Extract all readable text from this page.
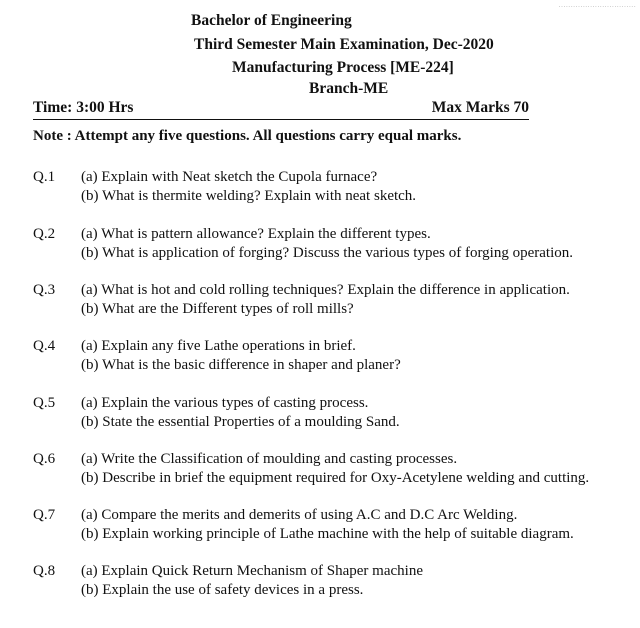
................................
Bachelor of Engineering
Third Semester Main Examination, Dec-2020
Manufacturing Process [ME-224]
Branch-ME
Time: 3:00 Hrs	Max Marks 70
Note : Attempt any five questions. All questions carry equal marks.
Q.1	(a) Explain with Neat sketch the Cupola furnace?
(b) What is thermite welding? Explain with neat sketch.
Q.2	(a) What is pattern allowance? Explain the different types.
(b) What is application of forging? Discuss the various types of forging operation.
Q.3	(a) What is hot and cold rolling techniques? Explain the difference in application.
(b) What are the Different types of roll mills?
Q.4	(a) Explain any five Lathe operations in brief.
(b) What is the basic difference in shaper and planer?
Q.5	(a) Explain the various types of casting process.
(b) State the essential Properties of a moulding Sand.
Q.6	(a) Write the Classification of moulding and casting processes.
(b) Describe in brief the equipment required for Oxy-Acetylene welding and cutting.
Q.7	(a) Compare the merits and demerits of using A.C and D.C Arc Welding.
(b) Explain working principle of Lathe machine with the help of suitable diagram.
Q.8	(a) Explain Quick Return Mechanism of Shaper machine
(b) Explain the use of safety devices in a press.
